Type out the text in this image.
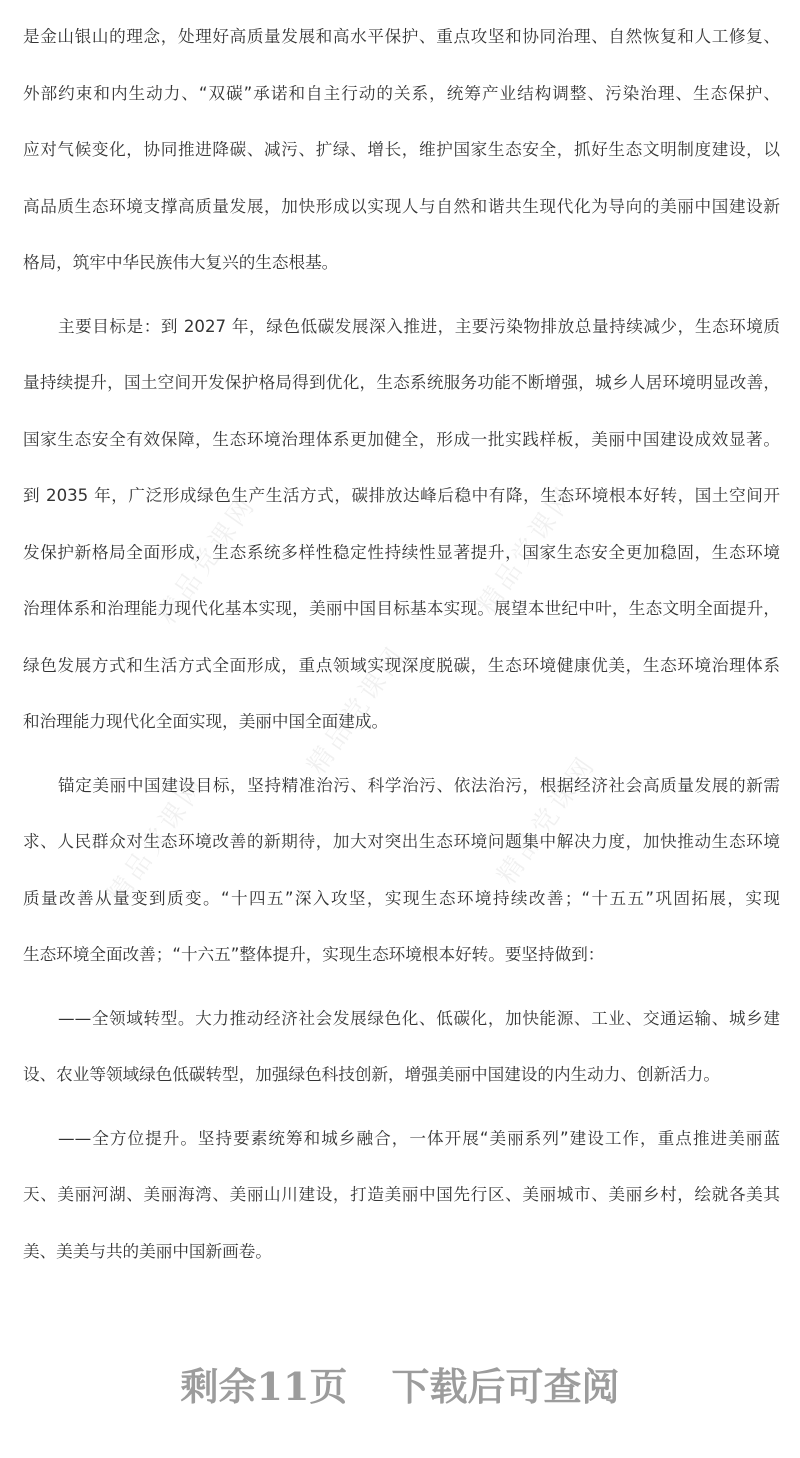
精品党课网	精品党课网
精品党课网
精品党课网	精品党课网
是金山银山的理念，处理好高质量发展和高水平保护、重点攻坚和协同治理、自然恢复和人工修复、
外部约束和内生动力、“双碳”承诺和自主行动的关系，统筹产业结构调整、污染治理、生态保护、
应对气候变化，协同推进降碳、减污、扩绿、增长，维护国家生态安全，抓好生态文明制度建设，以
高品质生态环境支撑高质量发展，加快形成以实现人与自然和谐共生现代化为导向的美丽中国建设新
格局，筑牢中华民族伟大复兴的生态根基。
主要目标是：到 2027 年，绿色低碳发展深入推进，主要污染物排放总量持续减少，生态环境质
量持续提升，国土空间开发保护格局得到优化，生态系统服务功能不断增强，城乡人居环境明显改善，
国家生态安全有效保障，生态环境治理体系更加健全，形成一批实践样板，美丽中国建设成效显著。
到 2035 年，广泛形成绿色生产生活方式，碳排放达峰后稳中有降，生态环境根本好转，国土空间开
发保护新格局全面形成，生态系统多样性稳定性持续性显著提升，国家生态安全更加稳固，生态环境
治理体系和治理能力现代化基本实现，美丽中国目标基本实现。展望本世纪中叶，生态文明全面提升，
绿色发展方式和生活方式全面形成，重点领域实现深度脱碳，生态环境健康优美，生态环境治理体系
和治理能力现代化全面实现，美丽中国全面建成。
锚定美丽中国建设目标，坚持精准治污、科学治污、依法治污，根据经济社会高质量发展的新需
求、人民群众对生态环境改善的新期待，加大对突出生态环境问题集中解决力度，加快推动生态环境
质量改善从量变到质变。“十四五”深入攻坚，实现生态环境持续改善；“十五五”巩固拓展，实现
生态环境全面改善；“十六五”整体提升，实现生态环境根本好转。要坚持做到：
——全领域转型。大力推动经济社会发展绿色化、低碳化，加快能源、工业、交通运输、城乡建
设、农业等领域绿色低碳转型，加强绿色科技创新，增强美丽中国建设的内生动力、创新活力。
——全方位提升。坚持要素统筹和城乡融合，一体开展“美丽系列”建设工作，重点推进美丽蓝
天、美丽河湖、美丽海湾、美丽山川建设，打造美丽中国先行区、美丽城市、美丽乡村，绘就各美其
美、美美与共的美丽中国新画卷。
剩余11页 下载后可查阅
